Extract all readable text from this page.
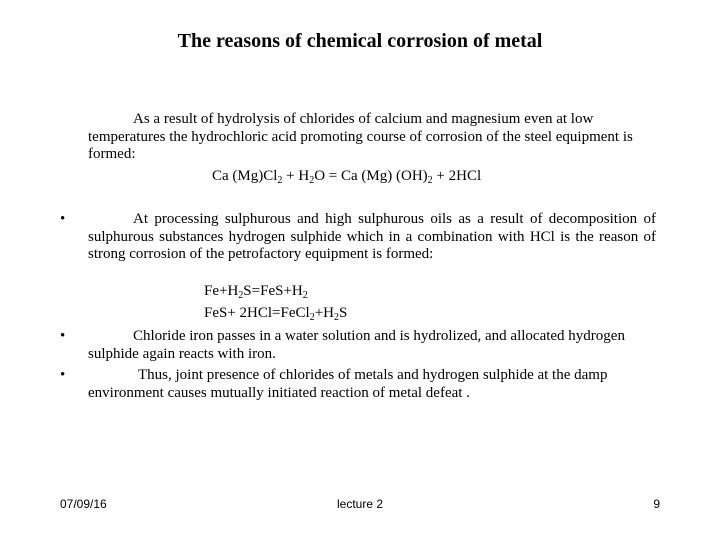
The reasons of chemical corrosion of metal
As a result of hydrolysis of chlorides of calcium and magnesium even at low temperatures the hydrochloric acid promoting course of corrosion of the steel equipment is formed:
Ca $(Mg)Cl_2 + H_2O = Ca$ (Mg) $(OH)_2 + 2HCl$
•	At processing sulphurous and high sulphurous oils as a result of decomposition of sulphurous substances hydrogen sulphide which in a combination with HCl is the reason of strong corrosion of the petrofactory equipment is formed:
$Fe+H_2S=FeS+H_2$
$FeS+ 2HCl=FeCl_2+H_2S$
•	Chloride iron passes in a water solution and is hydrolized, and allocated hydrogen sulphide again reacts with iron.
•	Thus, joint presence of chlorides of metals and hydrogen sulphide at the damp environment causes mutually initiated reaction of metal defeat .
07/09/16	lecture 2	9
